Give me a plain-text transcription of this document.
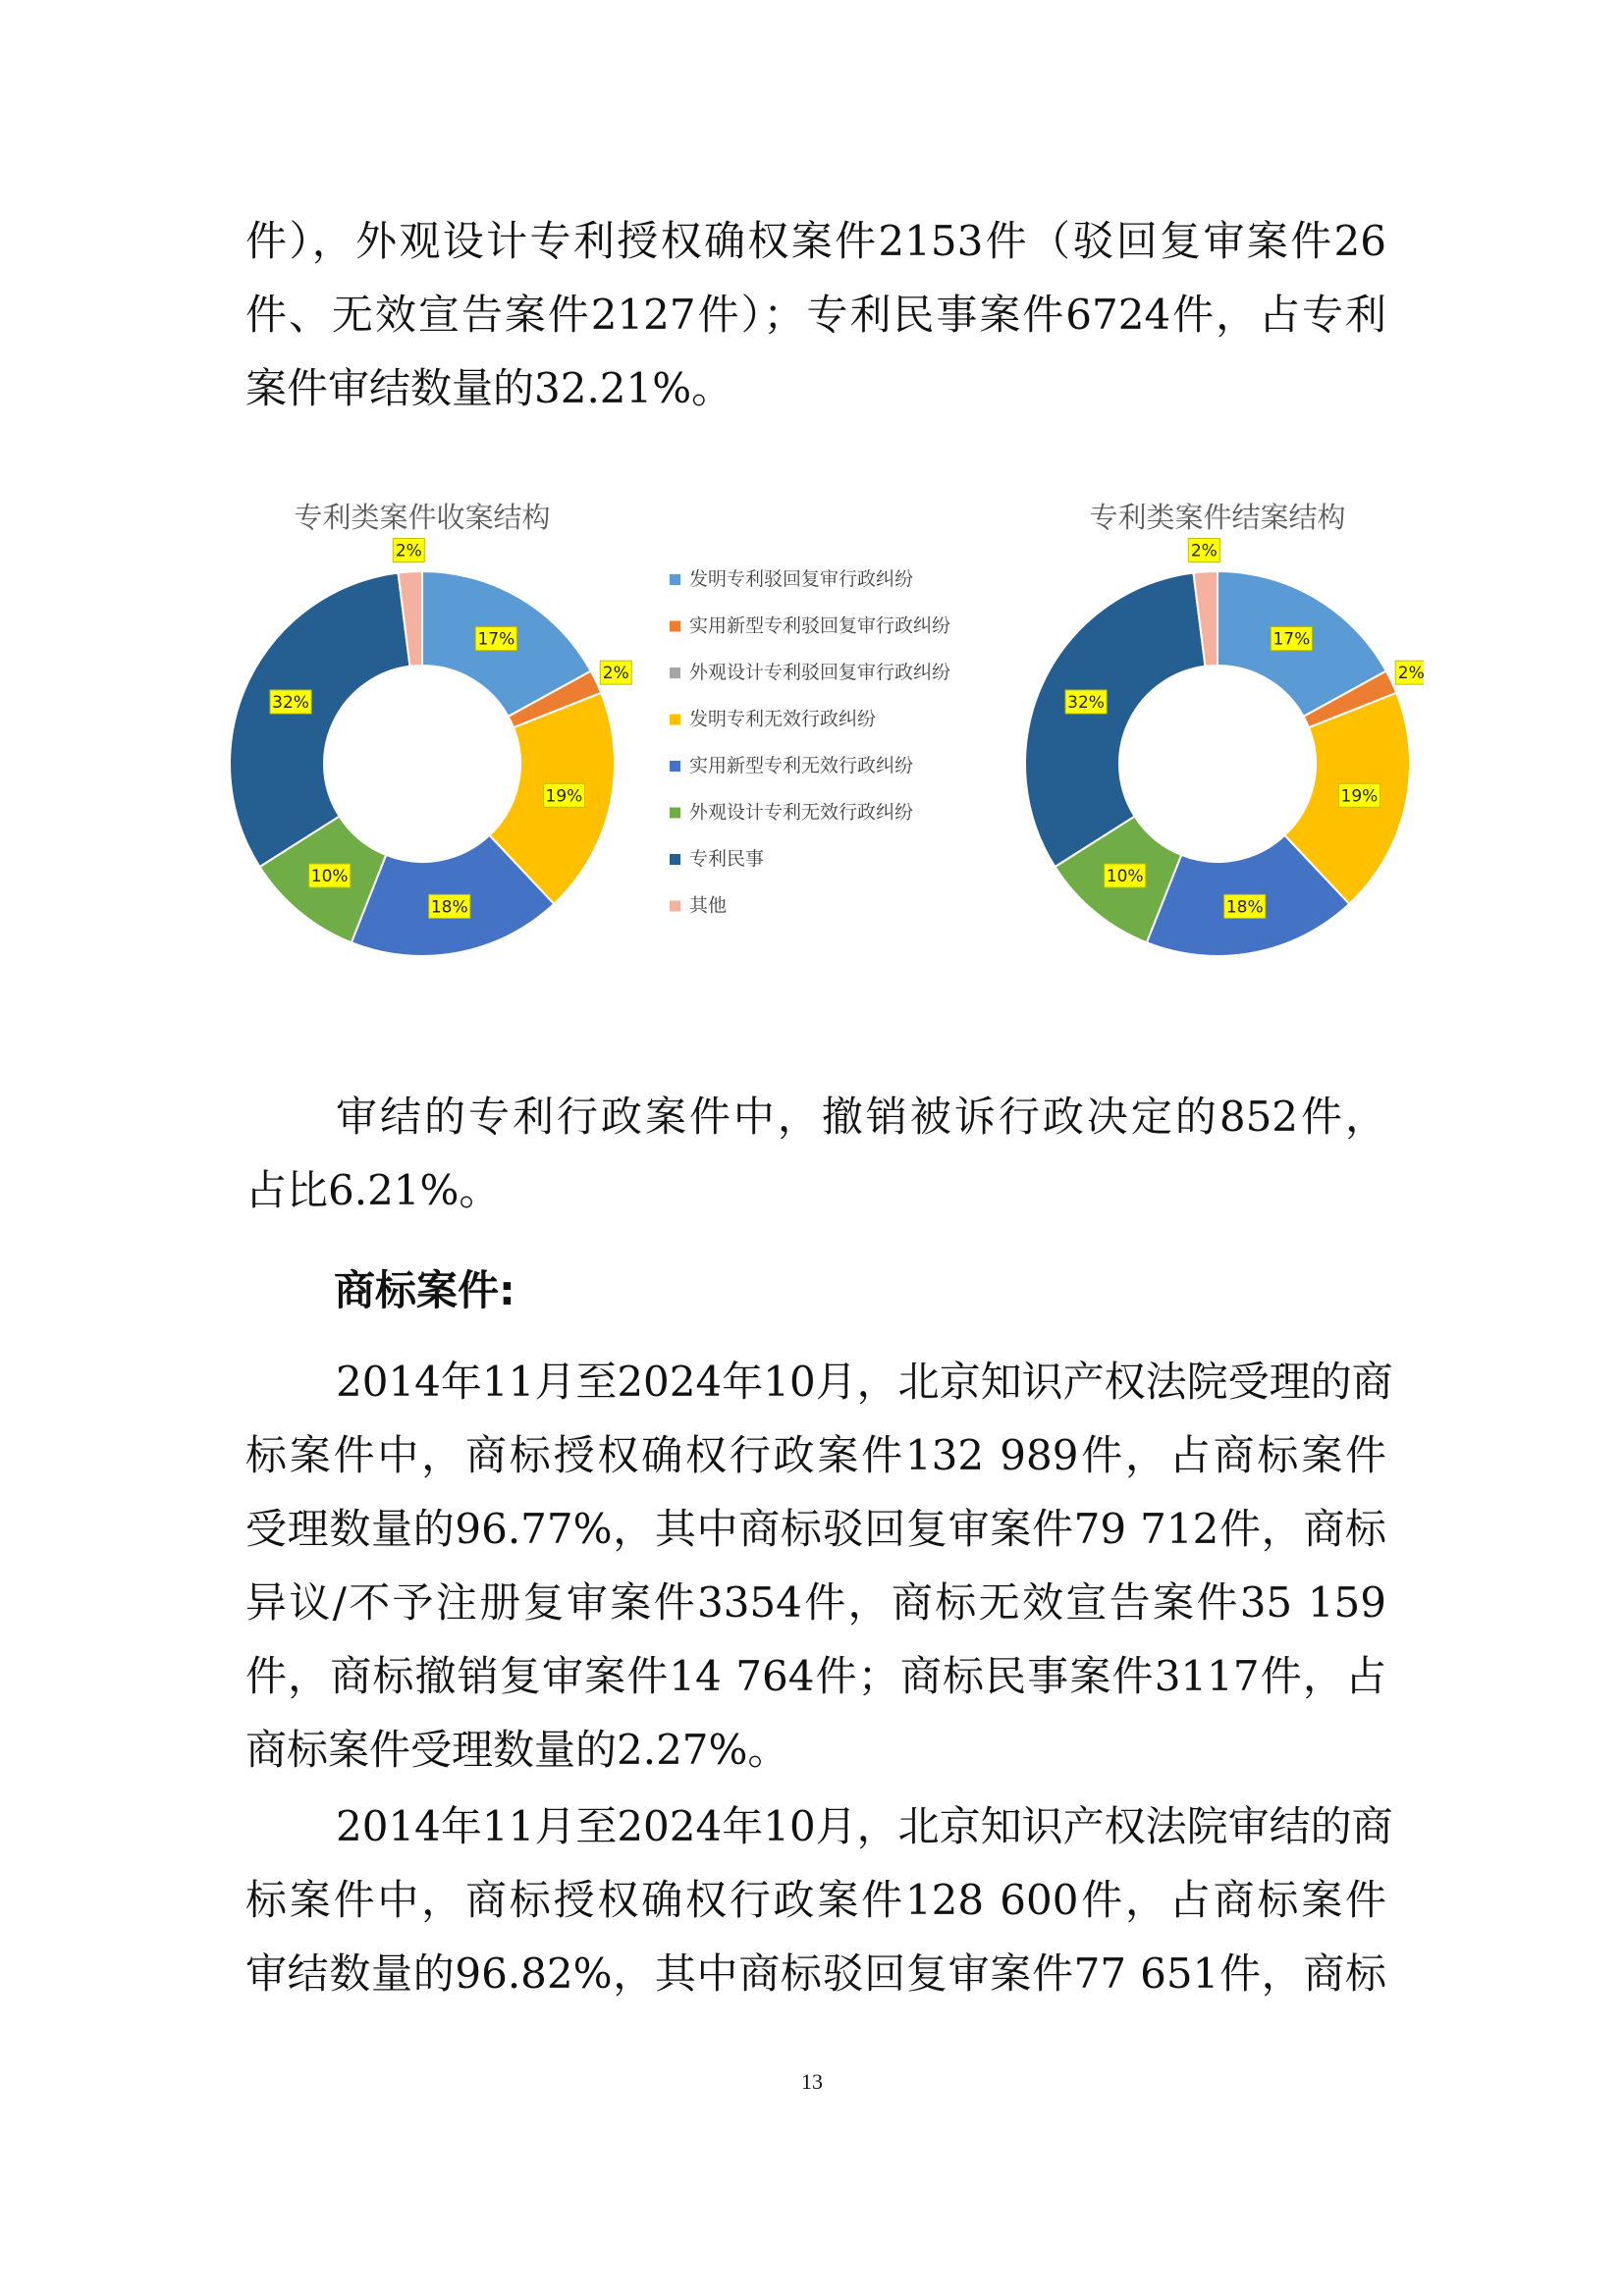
件），外观设计专利授权确权案件2153件（驳回复审案件26
件、无效宣告案件2127件）；专利民事案件6724件，占专利
案件审结数量的32.21%。
专利类案件收案结构	专利类案件结案结构
17%
2%
19%
18%
10%
32%
2%
17%
2%
19%
18%
10%
32%
2%
发明专利驳回复审行政纠纷
实用新型专利驳回复审行政纠纷
外观设计专利驳回复审行政纠纷
发明专利无效行政纠纷
实用新型专利无效行政纠纷
外观设计专利无效行政纠纷
专利民事
其他
审结的专利行政案件中，撤销被诉行政决定的852件，
占比6.21%。
商标案件:
2014年11月至2024年10月，北京知识产权法院受理的商
标案件中，商标授权确权行政案件132 989件，占商标案件
受理数量的96.77%，其中商标驳回复审案件79 712件，商标
异议/不予注册复审案件3354件，商标无效宣告案件35 159
件，商标撤销复审案件14 764件；商标民事案件3117件，占
商标案件受理数量的2.27%。
2014年11月至2024年10月，北京知识产权法院审结的商
标案件中，商标授权确权行政案件128 600件，占商标案件
审结数量的96.82%，其中商标驳回复审案件77 651件，商标
13
